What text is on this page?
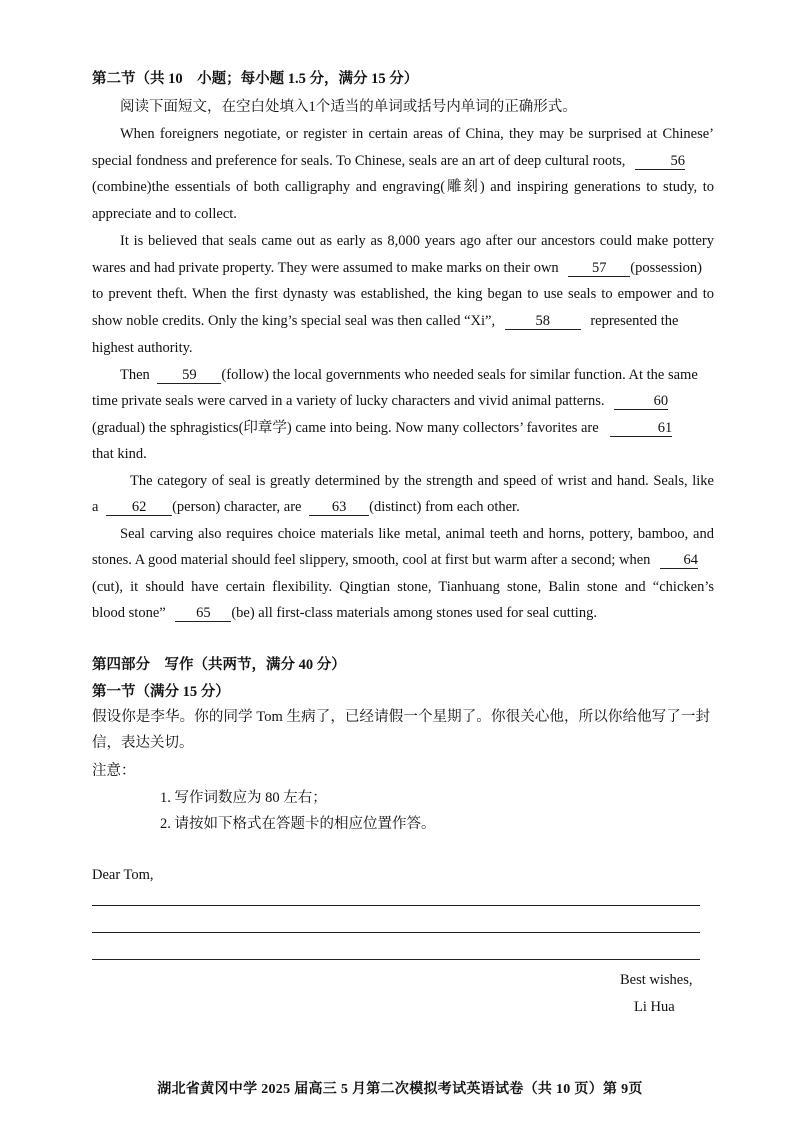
第二节（共 10　小题；每小题 1.5 分，满分 15 分）
阅读下面短文，在空白处填入1个适当的单词或括号内单词的正确形式。
When foreigners negotiate, or register in certain areas of China, they may be surprised at Chinese’
special fondness and preference for seals. To Chinese, seals are an art of deep cultural roots,	56
(combine)the essentials of both calligraphy and engraving(雕刻) and inspiring generations to study, to
appreciate and to collect.
It is believed that seals came out as early as 8,000 years ago after our ancestors could make pottery
wares and had private property. They were assumed to make marks on their own 57 (possession)
to prevent theft. When the first dynasty was established, the king began to use seals to empower and to
show noble credits. Only the king’s special seal was then called “Xi”,	58	represented the
highest authority.
Then 59 (follow) the local governments who needed seals for similar function. At the same
time private seals were carved in a variety of lucky characters and vivid animal patterns.	60
(gradual) the sphragistics(印章学) came into being. Now many collectors’ favorites are	61
that kind.
The category of seal is greatly determined by the strength and speed of wrist and hand. Seals, like
a 62 (person) character, are 63 (distinct) from each other.
Seal carving also requires choice materials like metal, animal teeth and horns, pottery, bamboo, and
stones. A good material should feel slippery, smooth, cool at first but warm after a second; when 64
(cut), it should have certain flexibility. Qingtian stone, Tianhuang stone, Balin stone and “chicken’s
blood stone” 65 (be) all first-class materials among stones used for seal cutting.
第四部分　写作（共两节，满分 40 分）
第一节（满分 15 分）
假设你是李华。你的同学 Tom 生病了，已经请假一个星期了。你很关心他，所以你给他写了一封
信，表达关切。
注意：
1. 写作词数应为 80 左右；
2. 请按如下格式在答题卡的相应位置作答。
Dear Tom,
Best wishes,
Li Hua
湖北省黄冈中学 2025 届高三 5 月第二次模拟考试英语试卷（共 10 页）第 9页
